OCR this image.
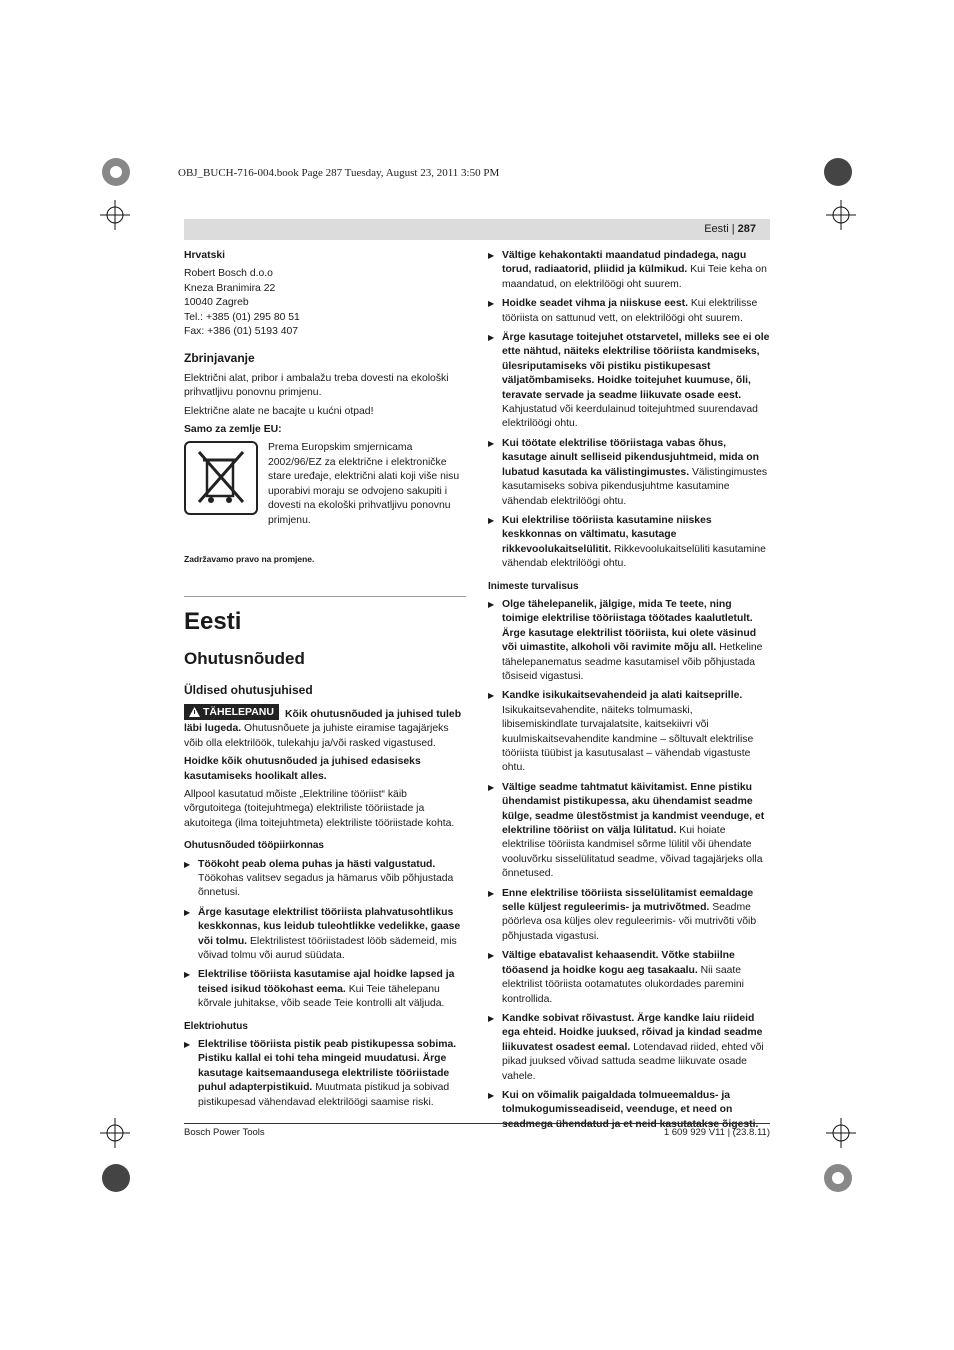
OBJ_BUCH-716-004.book Page 287 Tuesday, August 23, 2011 3:50 PM
Eesti | 287

Hrvatski

Robert Bosch d.o.o
Kneza Branimira 22
10040 Zagreb
Tel.: +385 (01) 295 80 51
Fax: +386 (01) 5193 407
Zbrinjavanje

Električni alat, pribor i ambalažu treba dovesti na ekološki prihvatljivu ponovnu primjenu.

Električne alate ne bacajte u kućni otpad!

Samo za zemlje EU:

Prema Europskim smjernicama 2002/96/EZ za električne i elektroničke stare uređaje, električni alati koji više nisu uporabivi moraju se odvojeno sakupiti i dovesti na ekološki prihvatljivu ponovnu primjenu.

Zadržavamo pravo na promjene.

Eesti
Ohutusnõuded
Üldised ohutusjuhised

TÄHELEPANU Kõik ohutusnõuded ja juhised tuleb läbi lugeda. Ohutusnõuete ja juhiste eiramise tagajärjeks võib olla elektrilöök, tulekahju ja/või rasked vigastused.

Hoidke kõik ohutusnõuded ja juhised edasiseks kasutamiseks hoolikalt alles.

Allpool kasutatud mõiste „Elektriline tööriist“ käib võrgutoitega (toitejuhtmega) elektriliste tööriistade ja akutoitega (ilma toitejuhtmeta) elektriliste tööriistade kohta.

Ohutusnõuded tööpiirkonnas
▶ Töökoht peab olema puhas ja hästi valgustatud. Töökohas valitsev segadus ja hämarus võib põhjustada õnnetusi.
▶ Ärge kasutage elektrilist tööriista plahvatusohtlikus keskkonnas, kus leidub tuleohtlikke vedelikke, gaase või tolmu. Elektrilistest tööriistadest lööb sädemeid, mis võivad tolmu või aurud süüdata.
▶ Elektrilise tööriista kasutamise ajal hoidke lapsed ja teised isikud töökohast eema. Kui Teie tähelepanu kõrvale juhitakse, võib seade Teie kontrolli alt väljuda.
Elektriohutus
▶ Elektrilise tööriista pistik peab pistikupessa sobima. Pistiku kallal ei tohi teha mingeid muudatusi. Ärge kasutage kaitsemaandusega elektriliste tööriistade puhul adapterpistikuid. Muutmata pistikud ja sobivad pistikupesad vähendavad elektrilöögi saamise riski.
▶ Vältige kehakontakti maandatud pindadega, nagu torud, radiaatorid, pliidid ja külmikud. Kui Teie keha on maandatud, on elektrilöögi oht suurem.
▶ Hoidke seadet vihma ja niiskuse eest. Kui elektrilisse tööriista on sattunud vett, on elektrilöögi oht suurem.
▶ Ärge kasutage toitejuhet otstarvetel, milleks see ei ole ette nähtud, näiteks elektrilise tööriista kandmiseks, ülesriputamiseks või pistiku pistikupesast väljatõmbamiseks. Hoidke toitejuhet kuumuse, õli, teravate servade ja seadme liikuvate osade eest. Kahjustatud või keerdulainud toitejuhtmed suurendavad elektrilöögi ohtu.
▶ Kui töötate elektrilise tööriistaga vabas õhus, kasutage ainult selliseid pikendusjuhtmeid, mida on lubatud kasutada ka välistingimustes. Välistingimustes kasutamiseks sobiva pikendusjuhtme kasutamine vähendab elektrilöögi ohtu.
▶ Kui elektrilise tööriista kasutamine niiskes keskkonnas on vältimatu, kasutage rikkevoolukaitselülitit. Rikkevoolukaitselüliti kasutamine vähendab elektrilöögi ohtu.
Inimeste turvalisus
▶ Olge tähelepanelik, jälgige, mida Te teete, ning toimige elektrilise tööriistaga töötades kaalutletult. Ärge kasutage elektrilist tööriista, kui olete väsinud või uimastite, alkoholi või ravimite mõju all. Hetkeline tähelepanematus seadme kasutamisel võib põhjustada tõsiseid vigastusi.
▶ Kandke isikukaitsevahendeid ja alati kaitseprille. Isikukaitsevahendite, näiteks tolmumaski, libisemiskindlate turvajalatsite, kaitsekiivri või kuulmiskaitsevahendite kandmine – sõltuvalt elektrilise tööriista tüübist ja kasutusalast – vähendab vigastuste ohtu.
▶ Vältige seadme tahtmatut käivitamist. Enne pistiku ühendamist pistikupessa, aku ühendamist seadme külge, seadme ülestõstmist ja kandmist veenduge, et elektriline tööriist on välja lülitatud. Kui hoiate elektrilise tööriista kandmisel sõrme lülitil või ühendate vooluvõrku sisselülitatud seadme, võivad tagajärjeks olla õnnetused.
▶ Enne elektrilise tööriista sisselülitamist eemaldage selle küljest reguleerimis- ja mutrivõtmed. Seadme pöörleva osa küljes olev reguleerimis- või mutrivõti võib põhjustada vigastusi.
▶ Vältige ebatavalist kehaasendit. Võtke stabiilne tööasend ja hoidke kogu aeg tasakaalu. Nii saate elektrilist tööriista ootamatutes olukordades paremini kontrollida.
▶ Kandke sobivat rõivastust. Ärge kandke laiu riideid ega ehteid. Hoidke juuksed, rõivad ja kindad seadme liikuvatest osadest eemal. Lotendavad riided, ehted või pikad juuksed võivad sattuda seadme liikuvate osade vahele.
▶ Kui on võimalik paigaldada tolmueemaldus- ja tolmukogumisseadiseid, veenduge, et need on seadmega ühendatud ja et neid kasutatakse õigesti.
Bosch Power Tools	1 609 929 V11 | (23.8.11)
